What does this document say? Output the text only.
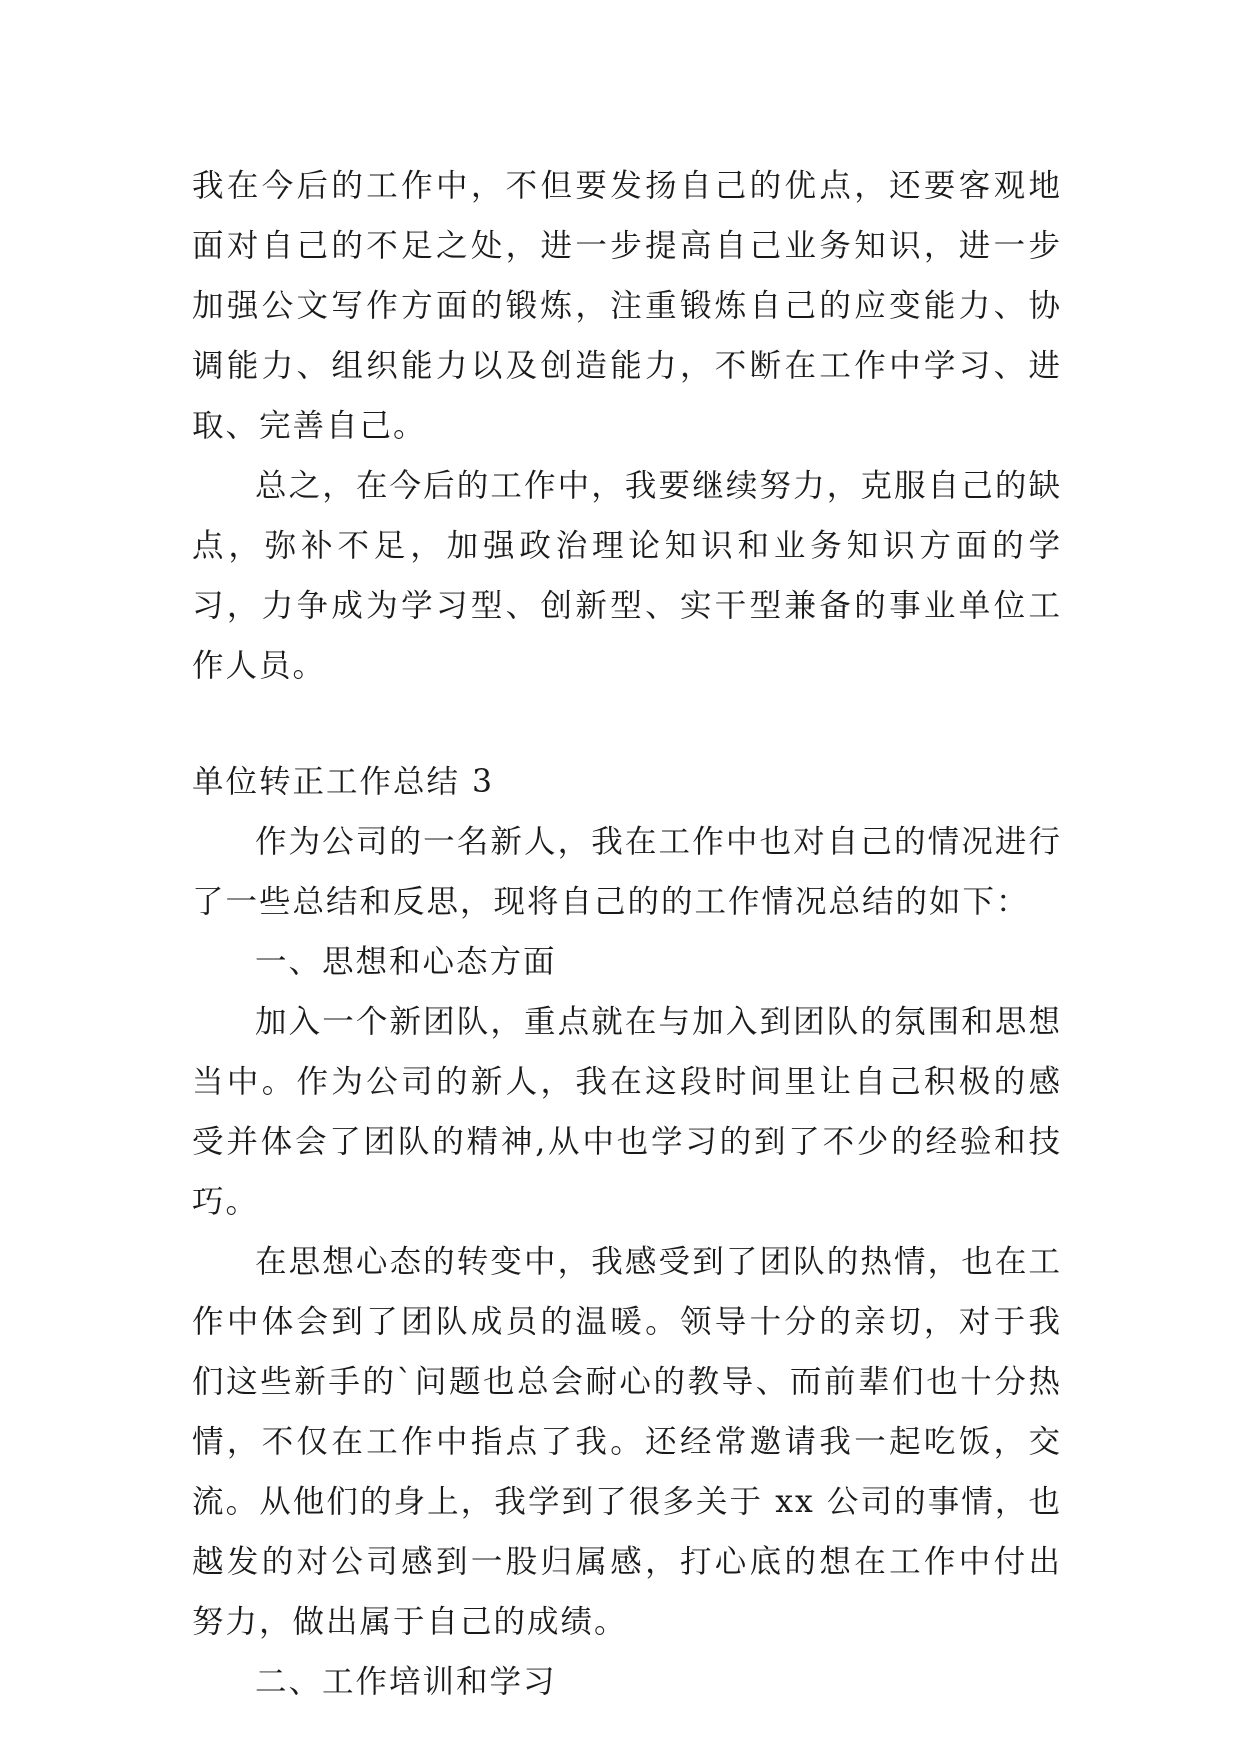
我在今后的工作中，不但要发扬自己的优点，还要客观地面对自己的不足之处，进一步提高自己业务知识，进一步加强公文写作方面的锻炼，注重锻炼自己的应变能力、协调能力、组织能力以及创造能力，不断在工作中学习、进取、完善自己。

总之，在今后的工作中，我要继续努力，克服自己的缺点，弥补不足，加强政治理论知识和业务知识方面的学习，力争成为学习型、创新型、实干型兼备的事业单位工作人员。

单位转正工作总结 3

作为公司的一名新人，我在工作中也对自己的情况进行了一些总结和反思，现将自己的的工作情况总结的如下：

一、思想和心态方面

加入一个新团队，重点就在与加入到团队的氛围和思想当中。作为公司的新人，我在这段时间里让自己积极的感受并体会了团队的精神,从中也学习的到了不少的经验和技巧。

在思想心态的转变中，我感受到了团队的热情，也在工作中体会到了团队成员的温暖。领导十分的亲切，对于我们这些新手的`问题也总会耐心的教导、而前辈们也十分热情，不仅在工作中指点了我。还经常邀请我一起吃饭，交流。从他们的身上，我学到了很多关于 xx 公司的事情，也越发的对公司感到一股归属感，打心底的想在工作中付出努力，做出属于自己的成绩。

二、工作培训和学习
